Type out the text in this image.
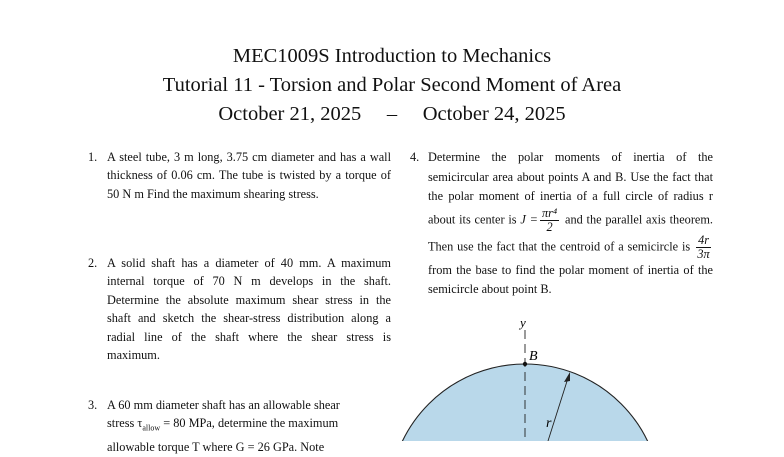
MEC1009S Introduction to Mechanics
Tutorial 11 - Torsion and Polar Second Moment of Area
October 21, 2025     –     October 24, 2025
1. A steel tube, 3 m long, 3.75 cm diameter and has a wall thickness of 0.06 cm. The tube is twisted by a torque of 50 N m Find the maximum shearing stress.
2. A solid shaft has a diameter of 40 mm. A maximum internal torque of 70 N m develops in the shaft. Determine the absolute maximum shear stress in the shaft and sketch the shear-stress distribution along a radial line of the shaft where the shear stress is maximum.
3. A 60 mm diameter shaft has an allowable shear
stress $\tau_{allow} = 80$ MPa, determine the maximum
allowable torque T where G = 26 GPa. Note
4. Determine the polar moments of inertia of the semicircular area about points A and B. Use the fact that the polar moment of inertia of a full circle of radius r about its center is $J = \frac{\text{πr⁴}}{2}$ and the parallel axis theorem. Then use the fact that the centroid of a semicircle is $\frac{4r}{3\pi}$
from the base to find the polar moment of inertia of the semicircle about point B.
y
B
r
